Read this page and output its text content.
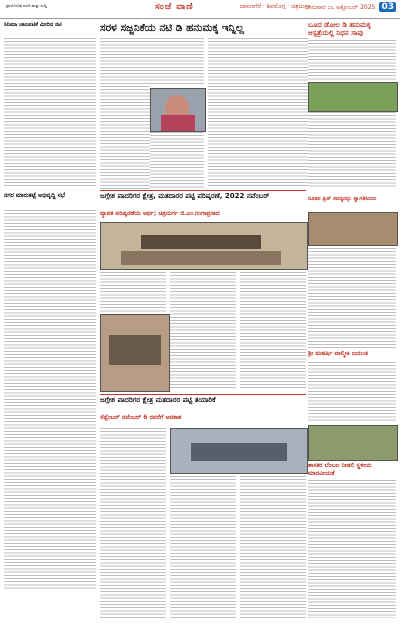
ಪ್ರಾಯೋಜಿತ ವರದಿ ಮತ್ತು ಸುದ್ದಿ	ಸಂಜೆ ವಾಣಿ	ದಾವಣಗೆರೆ · ಶಿವಮೊಗ್ಗ · ಚಿತ್ರದುರ್ಗ
ಭಾನುವಾರ ೦೬ ಅಕ್ಟೋಬರ್ 2025 03
ಸರಳ ಸಜ್ಜನಿಕೆಯ ನಟಿ ಡಿ ಹನುಮಕ್ಕ ಇನ್ನಿಲ್ಲ	ಬೂದ ಡೋಲ ಡಿ ಹನುಮಕ್ಕ ಆಸ್ಪತ್ರೆಯಲ್ಲಿ ನಿಧನ ಸಾವು
ಸಿನಿಮಾ ಚಟುವಟಿಕೆ ಮೀರಿದ ನಟಿ
ನಗರ ಮಾರುಕಟ್ಟೆ ಅಭಿವೃದ್ಧಿ ಸಭೆ	ಜಗ್ಗೇಶ ಪಾದರಿಗರ ಕ್ಷೇತ್ರ, ಮತದಾರರ ಪಟ್ಟಿ ಪರಿಷ್ಕರಣೆ, 2022 ನವೆಂಬರ್
ವ್ಯಾಪಕ ಪರಿಷ್ಕರಣೆಯ ಆರ್ಥ; ಚಿತ್ರದುರ್ಗ ಜಿ.ಎಂ.ಗಂಗಾಪ್ರಸಾದ
ನೂತನ ಪ್ರಿನ್ ಸದಸ್ಯರನ್ನು ಸ್ವಾಗತಿಸಿದರು
ಶ್ರೀ ಮಹರ್ಷಿ ವಾಲ್ಮೀಕಿ ಜಯಂತಿ
ಜಗ್ಗೇಶ ಪಾದರಿಗರ ಕ್ಷೇತ್ರ ಮತದಾರರ ಪಟ್ಟಿ ತಯಾರಿಕೆ
ಸೆಪ್ಟೆಂಬರ್ ನವೆಂಬರ್ 6 ರವರೆಗೆ ಅವಕಾಶ
ಶಾಸಕರ ಬೆಂಬಲ ನೀಡಲಿ ಸ್ಥಳೀಯ ಮಾನವೀಯತೆ
